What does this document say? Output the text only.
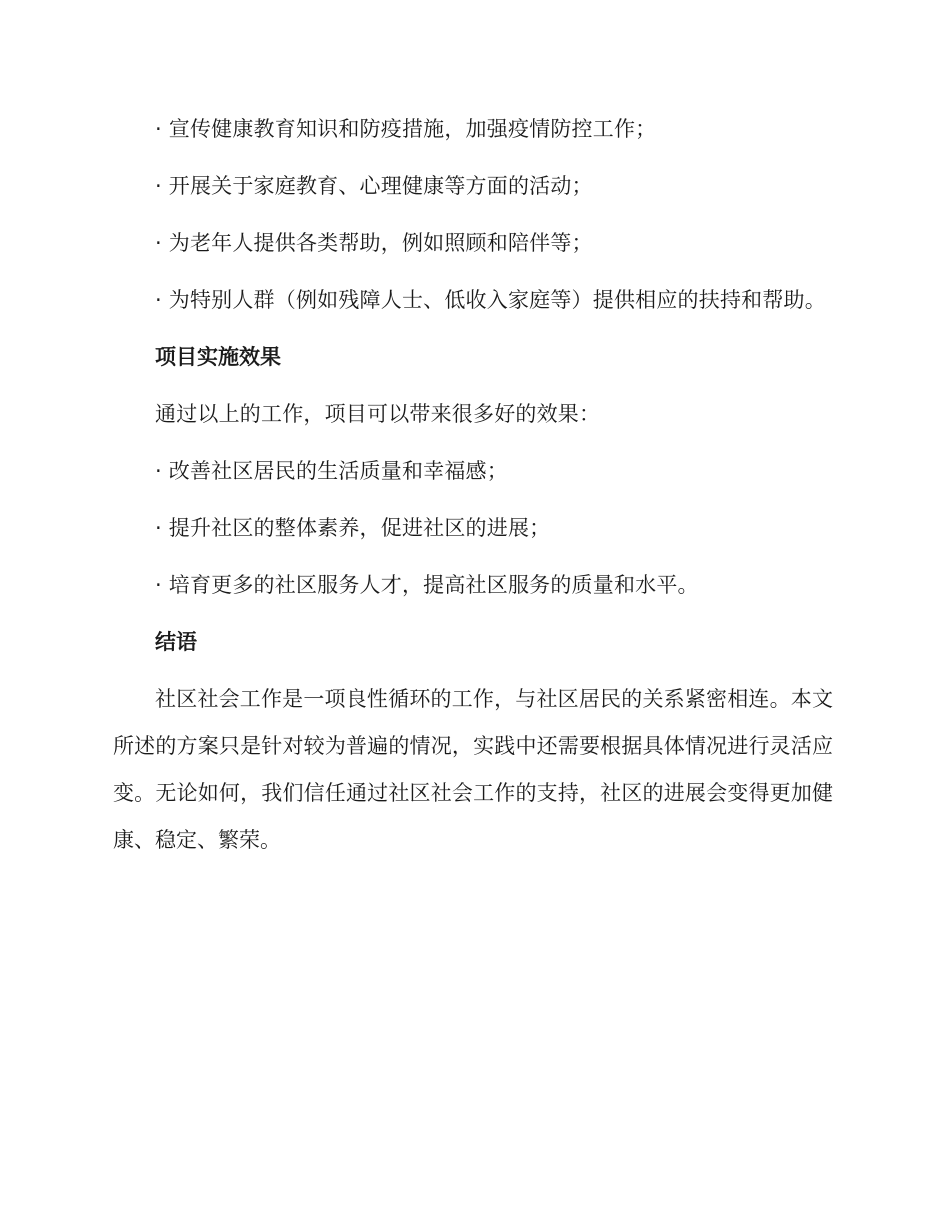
· 宣传健康教育知识和防疫措施，加强疫情防控工作；

· 开展关于家庭教育、心理健康等方面的活动；

· 为老年人提供各类帮助，例如照顾和陪伴等；

· 为特别人群（例如残障人士、低收入家庭等）提供相应的扶持和帮助。

项目实施效果

通过以上的工作，项目可以带来很多好的效果：

· 改善社区居民的生活质量和幸福感；

· 提升社区的整体素养，促进社区的进展；

· 培育更多的社区服务人才，提高社区服务的质量和水平。

结语

社区社会工作是一项良性循环的工作，与社区居民的关系紧密相连。本文所述的方案只是针对较为普遍的情况，实践中还需要根据具体情况进行灵活应变。无论如何，我们信任通过社区社会工作的支持，社区的进展会变得更加健康、稳定、繁荣。
